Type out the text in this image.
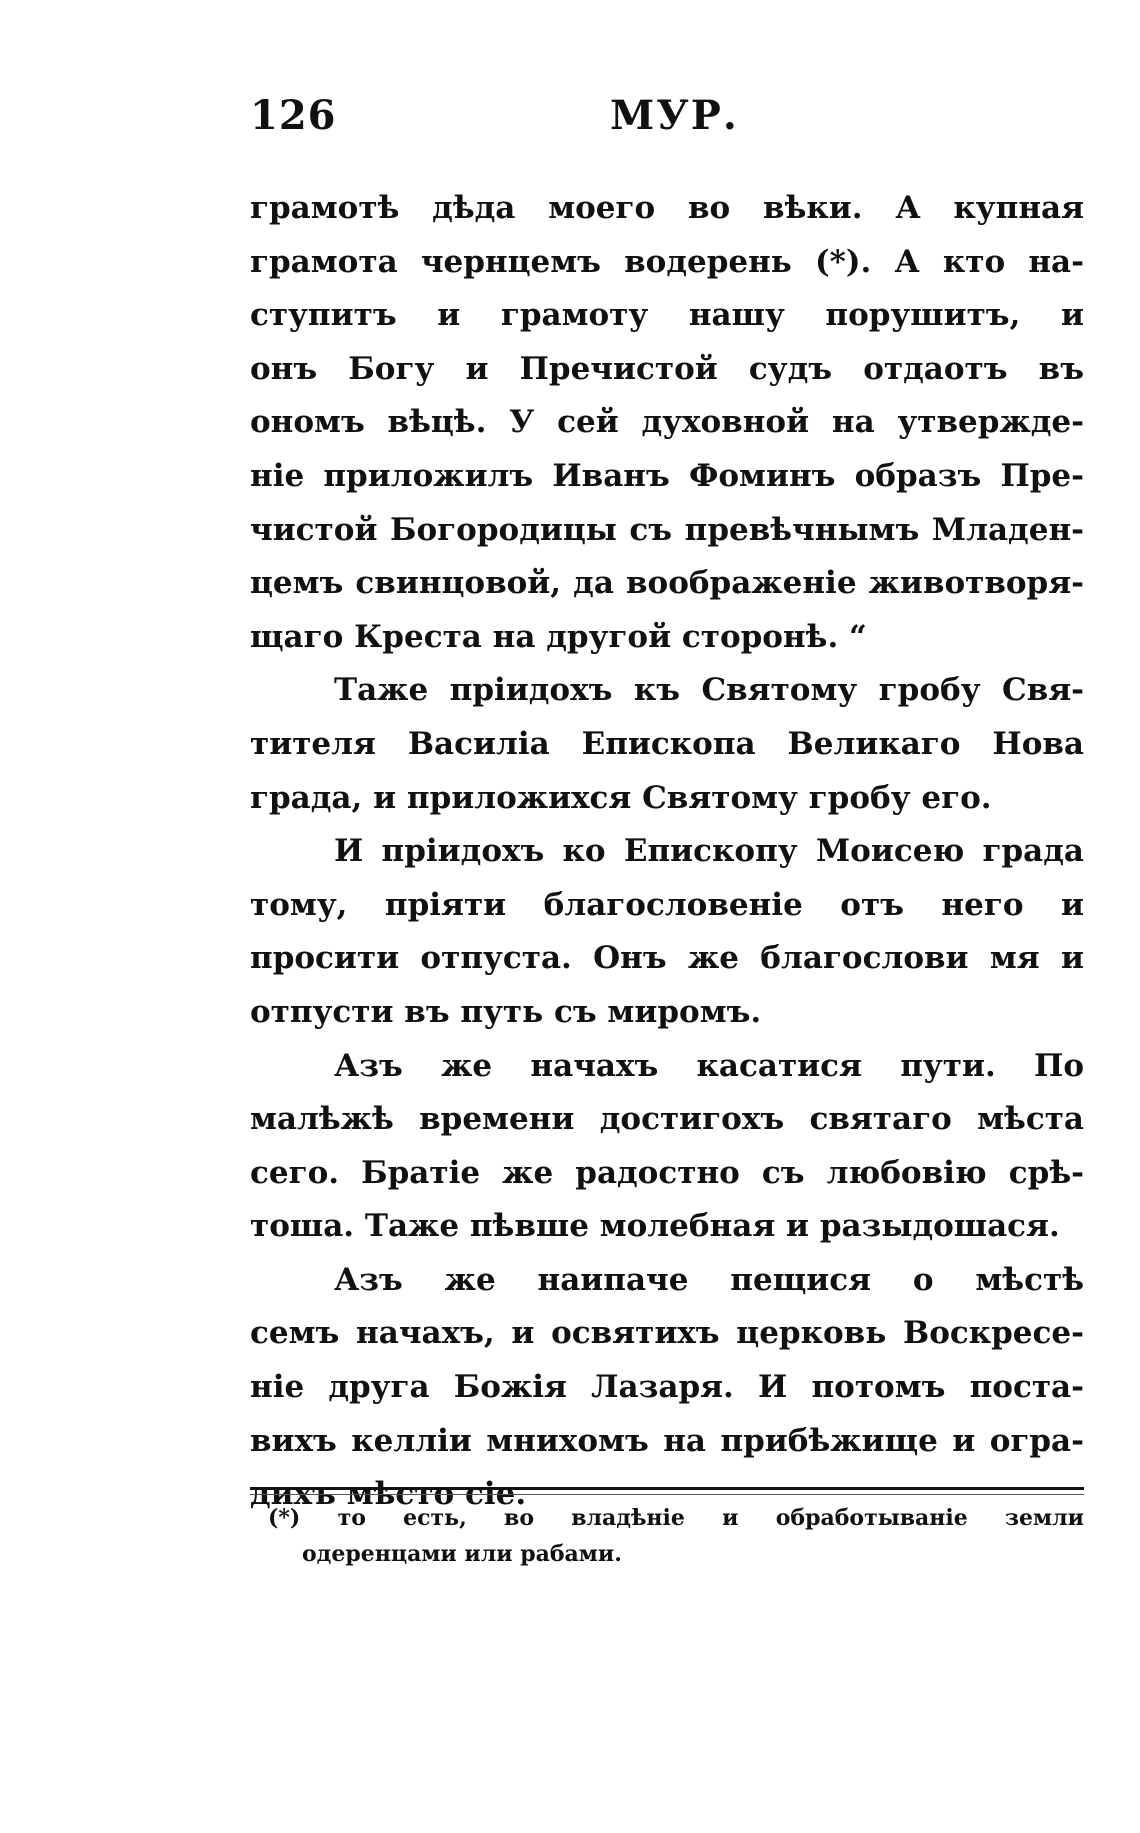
126	МУР.
грамотѣ дѣда моего во вѣки. А купная
грамота чернцемъ водерень (*). А кто на-
ступитъ и грамоту нашу порушитъ, и
онъ Богу и Пречистой судъ отдаотъ въ
ономъ вѣцѣ. У сей духовной на утвержде-
ніе приложилъ Иванъ Фоминъ образъ Пре-
чистой Богородицы съ превѣчнымъ Младен-
цемъ свинцовой, да воображеніе животворя-
щаго Креста на другой сторонѣ. “
Таже пріидохъ къ Святому гробу Свя-
тителя Василіа Епископа Великаго Нова
града, и приложихся Святому гробу его.
И пріидохъ ко Епископу Моисею града
тому, пріяти благословеніе отъ него и
просити отпуста. Онъ же благослови мя и
отпусти въ путь съ миромъ.
Азъ же начахъ касатися пути. По
малѣжѣ времени достигохъ святаго мѣста
сего. Братіе же радостно съ любовію срѣ-
тоша. Таже пѣвше молебная и разыдошася.
Азъ же наипаче пещися о мѣстѣ
семъ начахъ, и освятихъ церковь Воскресе-
ніе друга Божія Лазаря. И потомъ поста-
вихъ келліи мнихомъ на прибѣжище и огра-
дихъ мѣсто сіе.
(*) то есть, во владѣніе и обработываніе земли
одеренцами или рабами.
